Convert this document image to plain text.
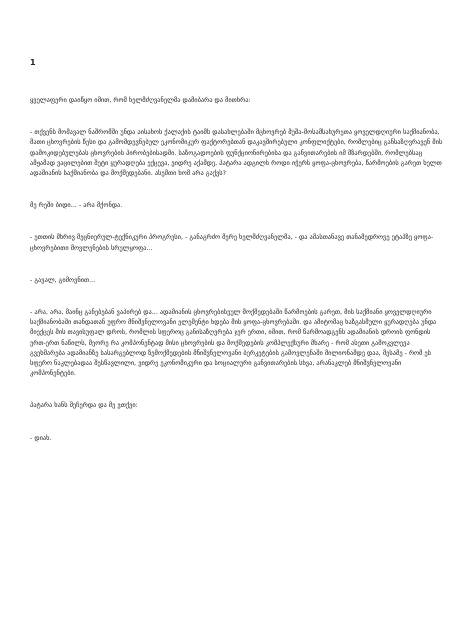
1

ყველაფერი დაიწყო იმით, რომ ხელმძღვანელმა დამიბარა და მითხრა:

- თქვენს მომავალ ნაშრომში უნდა აისახოს ქალაქის ტაიმს დასახლებაში მცხოვრებ მუშა-მოსამსახურეთა ყოველდღიური საქმიანობა, მათი ცხოვრების წესი და გამომდევნებულ ეკონომიკურ ფაქტორებთან დაკავშირებული კონფლიქტები, რომლებიც განსაზღვრავენ მის დამოკიდებულებას ცხოვრების პირობებისადმი. საზოგადოების ფუნქციონირებისა და განვითარების იმ მზარდებში, რომლებსაც ამჟამად ვაცილებით შეტი ყურადღება ექცევა, ვიდრე აქამდე, პატარა ადგილს როდი იჭერს ყოფა-ცხოვრება, წარმოების გარეთ ხელთ ადამიანის საქმიანობა და მოქმედებანი. ასემთი ხომ არა გაქვს?

მე რეში ბიდი... - არა მქონდა.

- ეთთის მხრივ მეცნიერულ-ტექნიკური პროგრესი, - განაგრძო მერე ხელმძღვანელმა, - და ამასთანავე თანამედროვე ეტაპზე ყოფა-ცხოვრებითი მოვლენების სრულყოფა...

- გავალ, გიმოვნით...

- არა, არა, მაინც განებებან ვაპირებ და... ადამიანის ცხოვრებისეულ მოქმედებაში წარმოების გარეთ, მის საქმიანი ყოველდღიური საქმიანობაში თანდათან უფრო მნიშვნელოვანი ელემენტი ხდება მის ყოფა-ცხოვრებაში. და ამიტომაც ხაზგასმული ყურადღება უნდა მიექცეს მის თავისუფალ დროს, რომლის სფეროც განისაზღვრება ჯერ ერთი, იმით, რომ წარმოადგენს ადამიანის დროის ფონდის ერთ-ერთ ნაწილს, მეორე რა კომპონენტად მისი ცხოვრების და მოქმედების კომპლექსური მხარე - რომ ასეთი გამოკვლევა გვეხმარება ადამიანზე სასარგებლოდ ზემოქმედების მნიშვნელოვანი ბერკეტების გამოვლენაში მილიონამდე დაა, მესამე - რომ ეს სფერო ნაკლებადაა შესწავლილი, ვიდრე ეკონომიკური და სოციალური განვითარების სხვა, არანაკლებ მნიშვნელოვანი კომპონენტები.

პატარა ხანს შეჩერდა და მე ვთქვი:

- დიახ.
